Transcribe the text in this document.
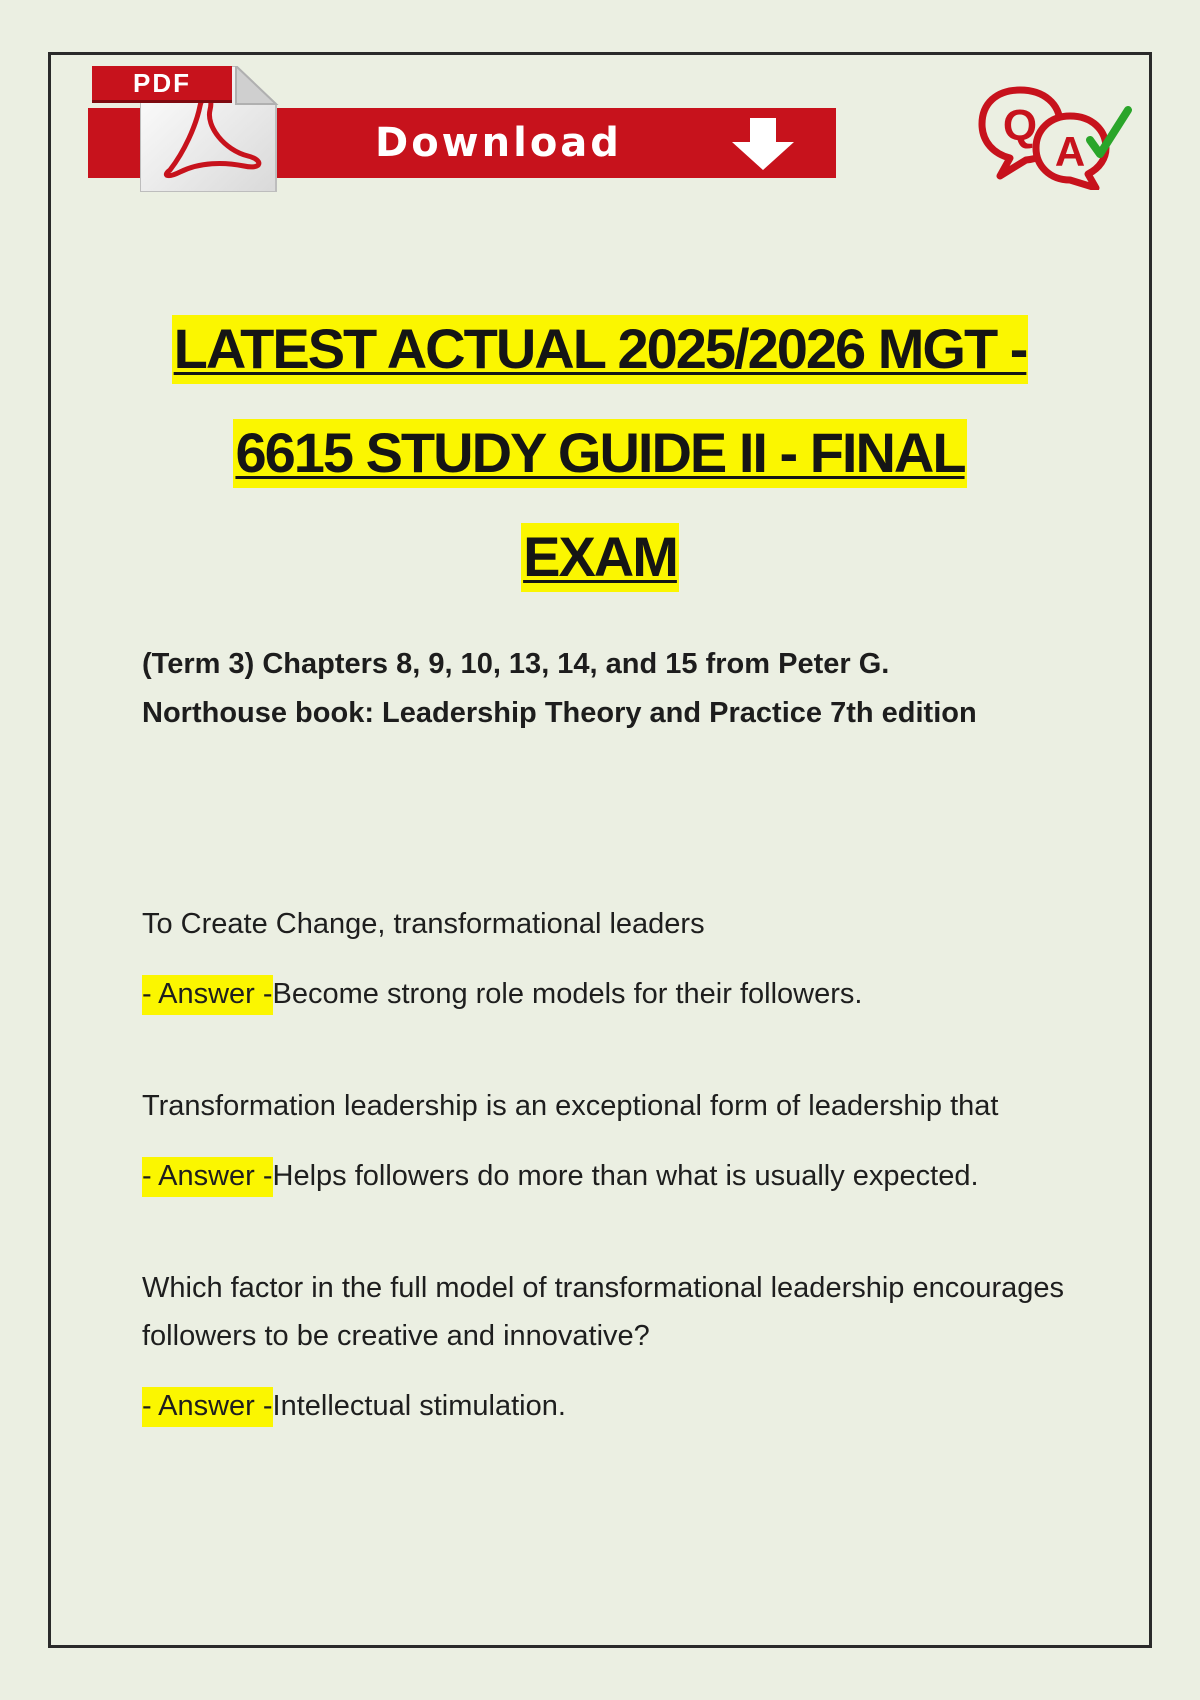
PDF
Download	Q
A
LATEST ACTUAL 2025/2026 MGT -
6615 STUDY GUIDE II - FINAL
EXAM
(Term 3) Chapters 8, 9, 10, 13, 14, and 15 from Peter G. Northouse book: Leadership Theory and Practice 7th edition
To Create Change, transformational leaders
- Answer -Become strong role models for their followers.
Transformation leadership is an exceptional form of leadership that
- Answer -Helps followers do more than what is usually expected.
Which factor in the full model of transformational leadership encourages followers to be creative and innovative?
- Answer -Intellectual stimulation.
